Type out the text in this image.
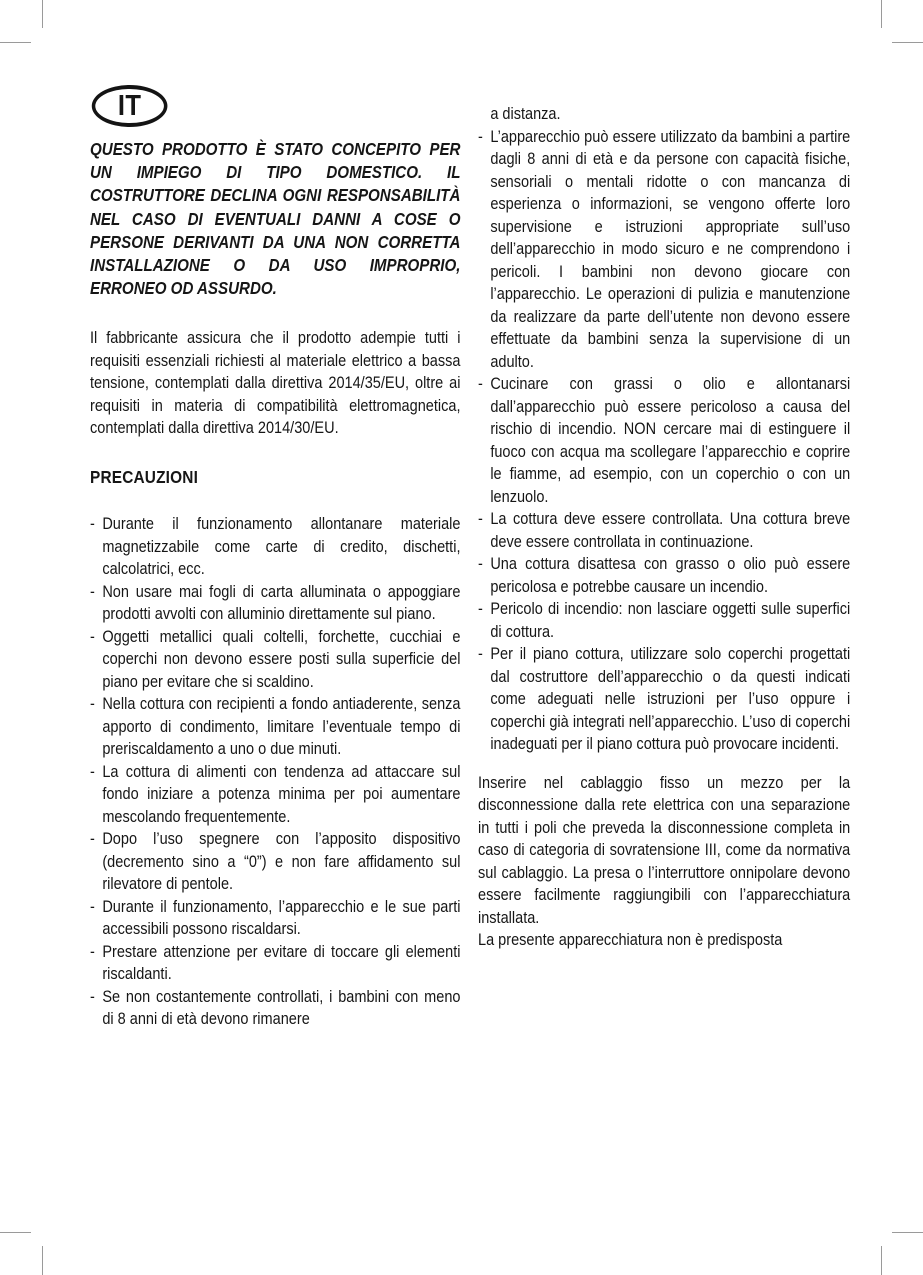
IT

QUESTO PRODOTTO È STATO CONCEPITO PER UN IMPIEGO DI TIPO DOMESTICO. IL COSTRUTTORE DECLINA OGNI RESPONSABILITÀ NEL CASO DI EVENTUALI DANNI A COSE O PERSONE DERIVANTI DA UNA NON CORRETTA INSTALLAZIONE O DA USO IMPROPRIO, ERRONEO OD ASSURDO.

Il fabbricante assicura che il prodotto adempie tutti i requisiti essenziali richiesti al materiale elettrico a bassa tensione, contemplati dalla direttiva 2014/35/EU, oltre ai requisiti in materia di compatibilità elettromagnetica, contemplati dalla direttiva 2014/30/EU.

PRECAUZIONI
- Durante il funzionamento allontanare materiale magnetizzabile come carte di credito, dischetti, calcolatrici, ecc.
- Non usare mai fogli di carta alluminata o appoggiare prodotti avvolti con alluminio direttamente sul piano.
- Oggetti metallici quali coltelli, forchette, cucchiai e coperchi non devono essere posti sulla superficie del piano per evitare che si scaldino.
- Nella cottura con recipienti a fondo antiaderente, senza apporto di condimento, limitare l’eventuale tempo di preriscaldamento a uno o due minuti.
- La cottura di alimenti con tendenza ad attaccare sul fondo iniziare a potenza minima per poi aumentare mescolando frequentemente.
- Dopo l’uso spegnere con l’apposito dispositivo (decremento sino a “0”) e non fare affidamento sul rilevatore di pentole.
- Durante il funzionamento, l’apparecchio e le sue parti accessibili possono riscaldarsi.
- Prestare attenzione per evitare di toccare gli elementi riscaldanti.
- Se non costantemente controllati, i bambini con meno di 8 anni di età devono rimanere

a distanza.

- L’apparecchio può essere utilizzato da bambini a partire dagli 8 anni di età e da persone con capacità fisiche, sensoriali o mentali ridotte o con mancanza di esperienza o informazioni, se vengono offerte loro supervisione e istruzioni appropriate sull’uso dell’apparecchio in modo sicuro e ne comprendono i pericoli. I bambini non devono giocare con l’apparecchio. Le operazioni di pulizia e manutenzione da realizzare da parte dell’utente non devono essere effettuate da bambini senza la supervisione di un adulto.
- Cucinare con grassi o olio e allontanarsi dall’apparecchio può essere pericoloso a causa del rischio di incendio. NON cercare mai di estinguere il fuoco con acqua ma scollegare l’apparecchio e coprire le fiamme, ad esempio, con un coperchio o con un lenzuolo.
- La cottura deve essere controllata. Una cottura breve deve essere controllata in continuazione.
- Una cottura disattesa con grasso o olio può essere pericolosa e potrebbe causare un incendio.
- Pericolo di incendio: non lasciare oggetti sulle superfici di cottura.
- Per il piano cottura, utilizzare solo coperchi progettati dal costruttore dell’apparecchio o da questi indicati come adeguati nelle istruzioni per l’uso oppure i coperchi già integrati nell’apparecchio. L’uso di coperchi inadeguati per il piano cottura può provocare incidenti.

Inserire nel cablaggio fisso un mezzo per la disconnessione dalla rete elettrica con una separazione in tutti i poli che preveda la disconnessione completa in caso di categoria di sovratensione III, come da normativa sul cablaggio. La presa o l’interruttore onnipolare devono essere facilmente raggiungibili con l’apparecchiatura installata.

La presente apparecchiatura non è predisposta
